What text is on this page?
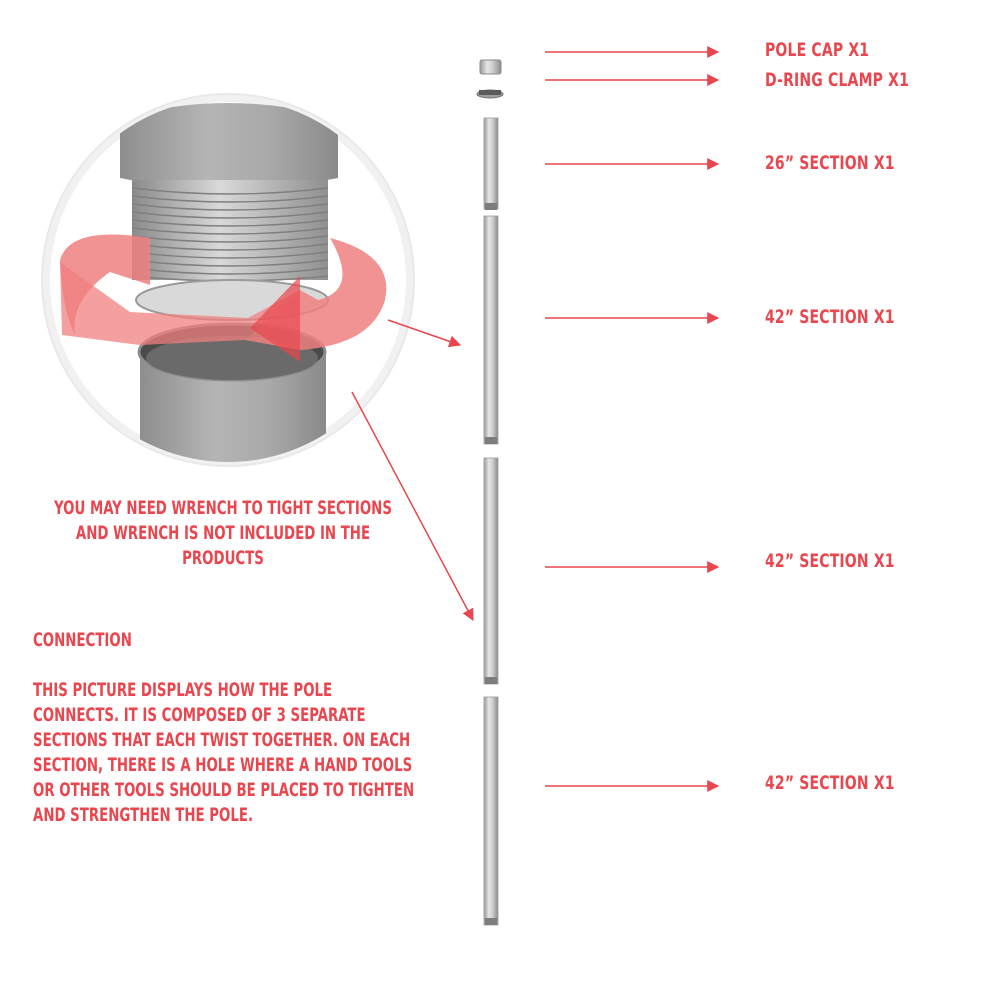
POLE CAP X1
D-RING CLAMP X1
26” SECTION X1
42” SECTION X1
42” SECTION X1
42” SECTION X1
YOU MAY NEED WRENCH TO TIGHT SECTIONS
AND WRENCH IS NOT INCLUDED IN THE PRODUCTS
CONNECTION
THIS PICTURE DISPLAYS HOW THE POLE
CONNECTS. IT IS COMPOSED OF 3 SEPARATE
SECTIONS THAT EACH TWIST TOGETHER. ON EACH
SECTION, THERE IS A HOLE WHERE A HAND TOOLS
OR OTHER TOOLS SHOULD BE PLACED TO TIGHTEN
AND STRENGTHEN THE POLE.
